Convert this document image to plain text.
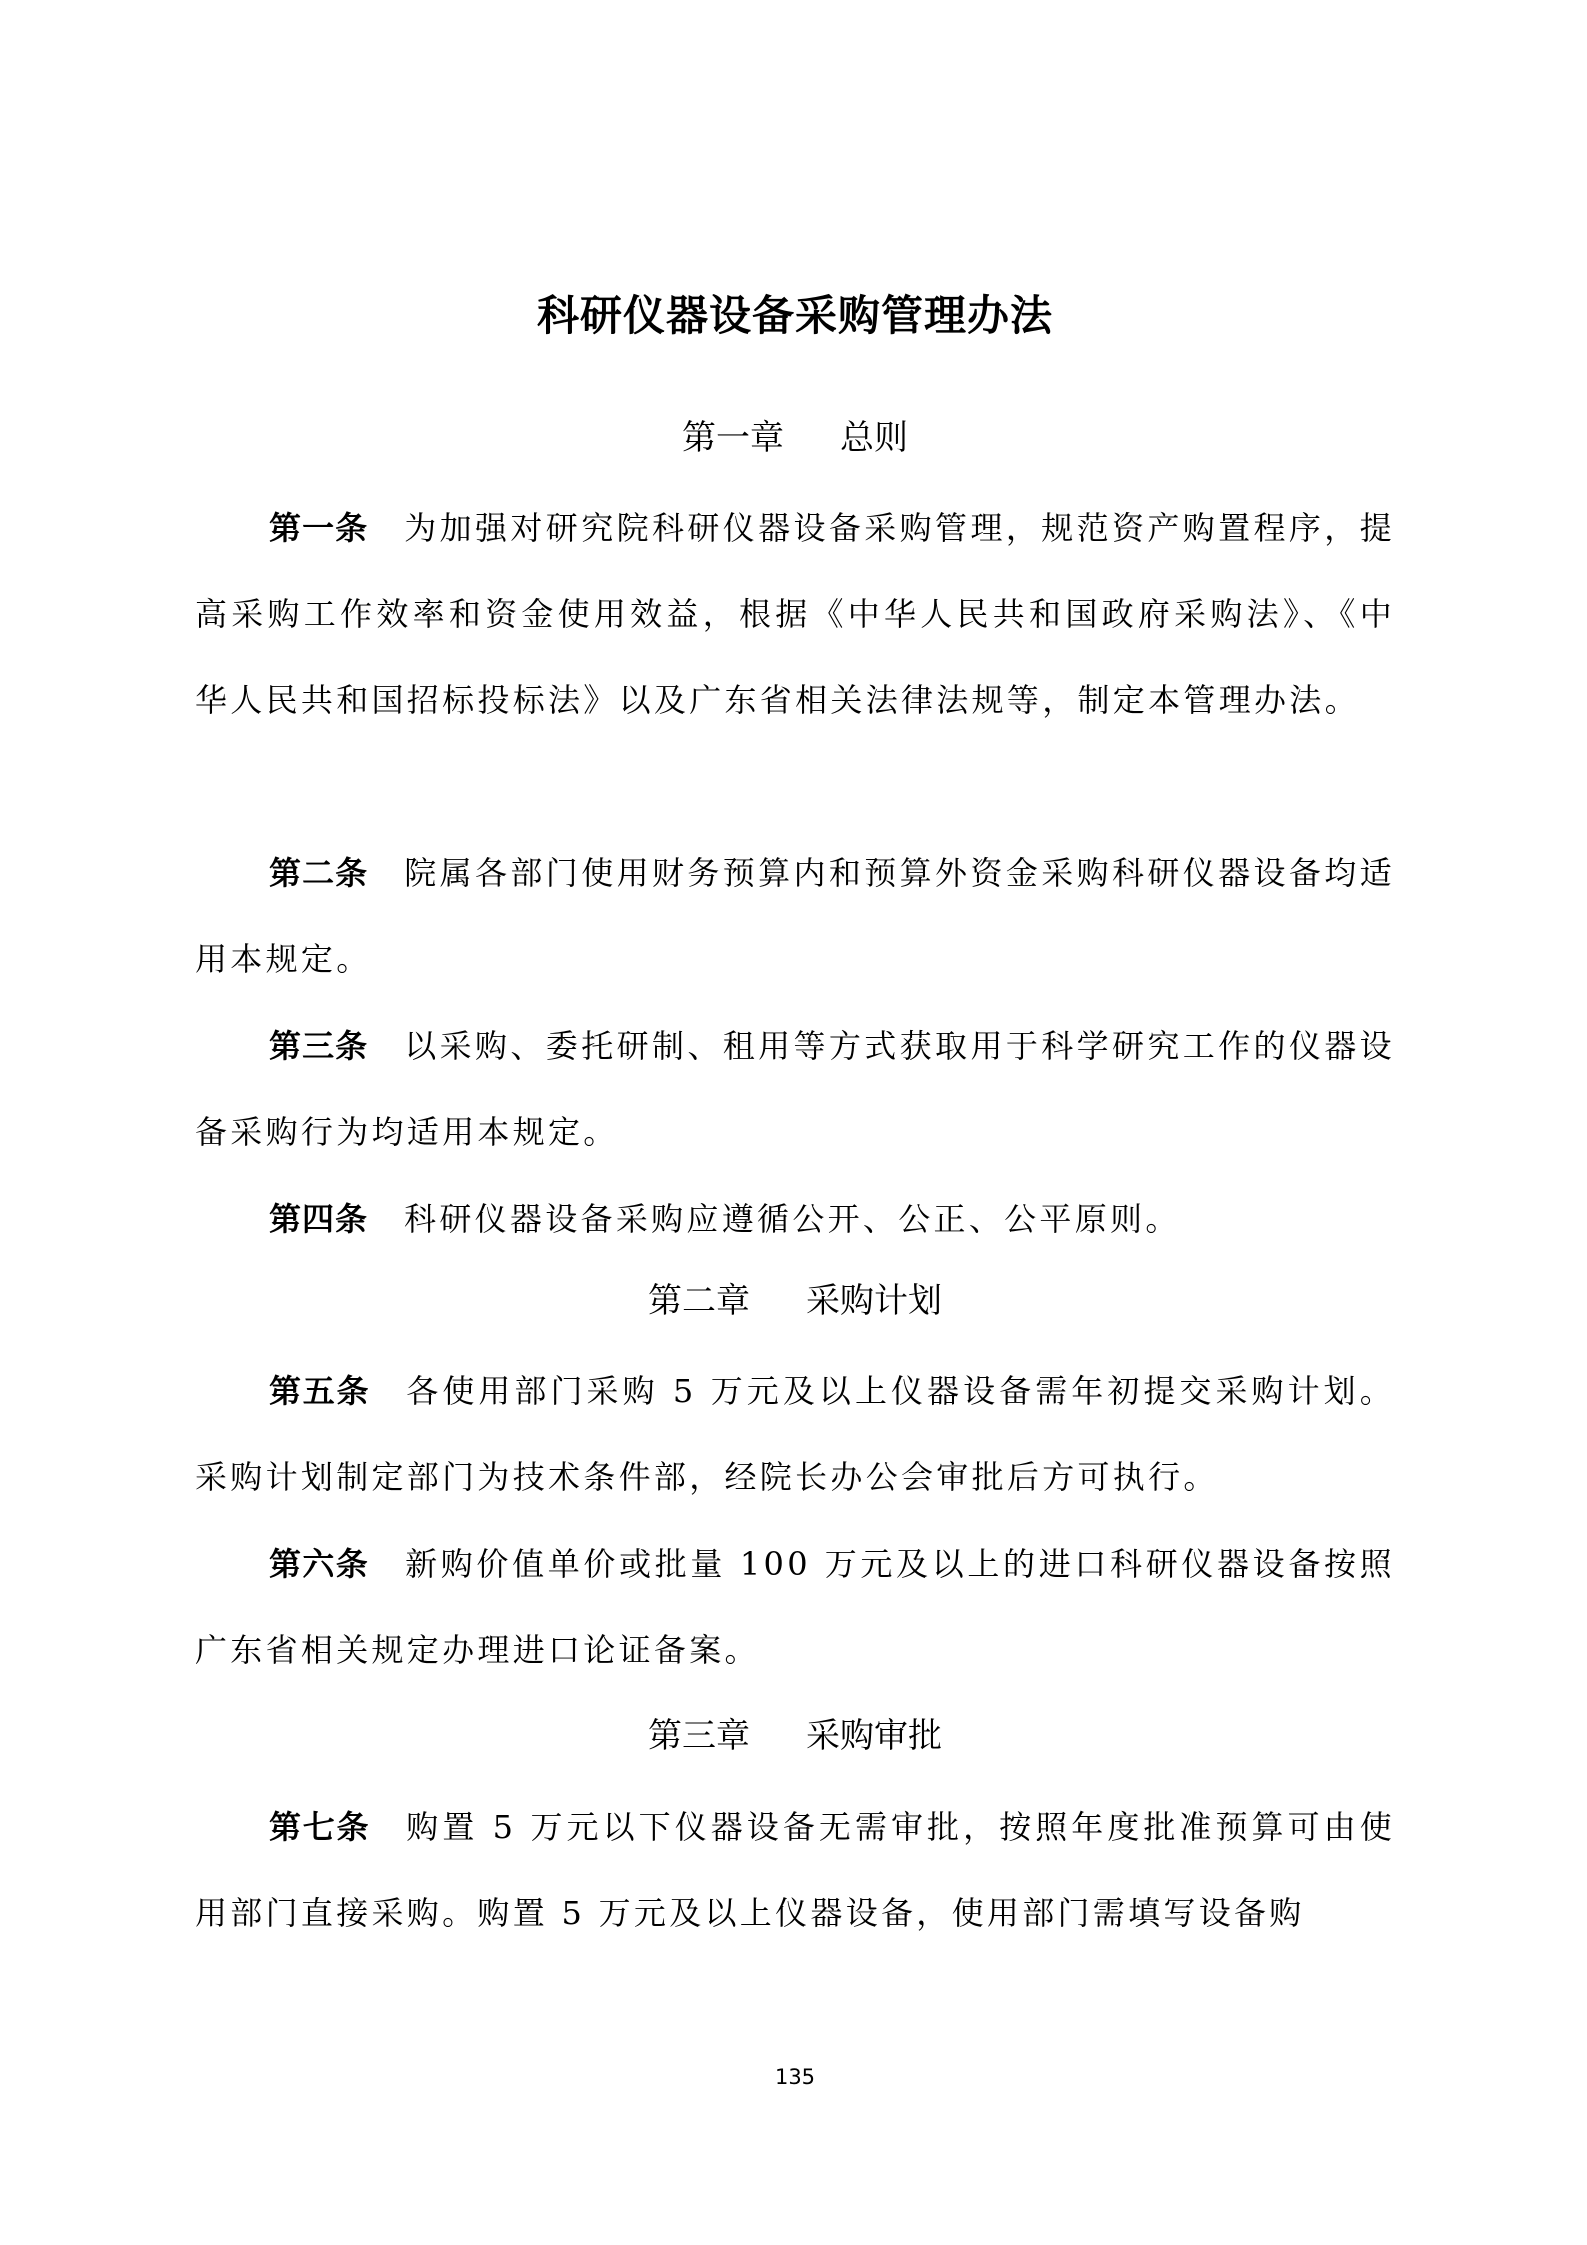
科研仪器设备采购管理办法
第一章 总则

第一条 为加强对研究院科研仪器设备采购管理，规范资产购置程序，提高采购工作效率和资金使用效益，根据《中华人民共和国政府采购法》、《中华人民共和国招标投标法》以及广东省相关法律法规等，制定本管理办法。

第二条 院属各部门使用财务预算内和预算外资金采购科研仪器设备均适用本规定。

第三条 以采购、委托研制、租用等方式获取用于科学研究工作的仪器设备采购行为均适用本规定。

第四条 科研仪器设备采购应遵循公开、公正、公平原则。

第二章 采购计划

第五条 各使用部门采购 5 万元及以上仪器设备需年初提交采购计划。采购计划制定部门为技术条件部，经院长办公会审批后方可执行。

第六条 新购价值单价或批量 100 万元及以上的进口科研仪器设备按照广东省相关规定办理进口论证备案。

第三章 采购审批

第七条 购置 5 万元以下仪器设备无需审批，按照年度批准预算可由使用部门直接采购。购置 5 万元及以上仪器设备，使用部门需填写设备购

135
